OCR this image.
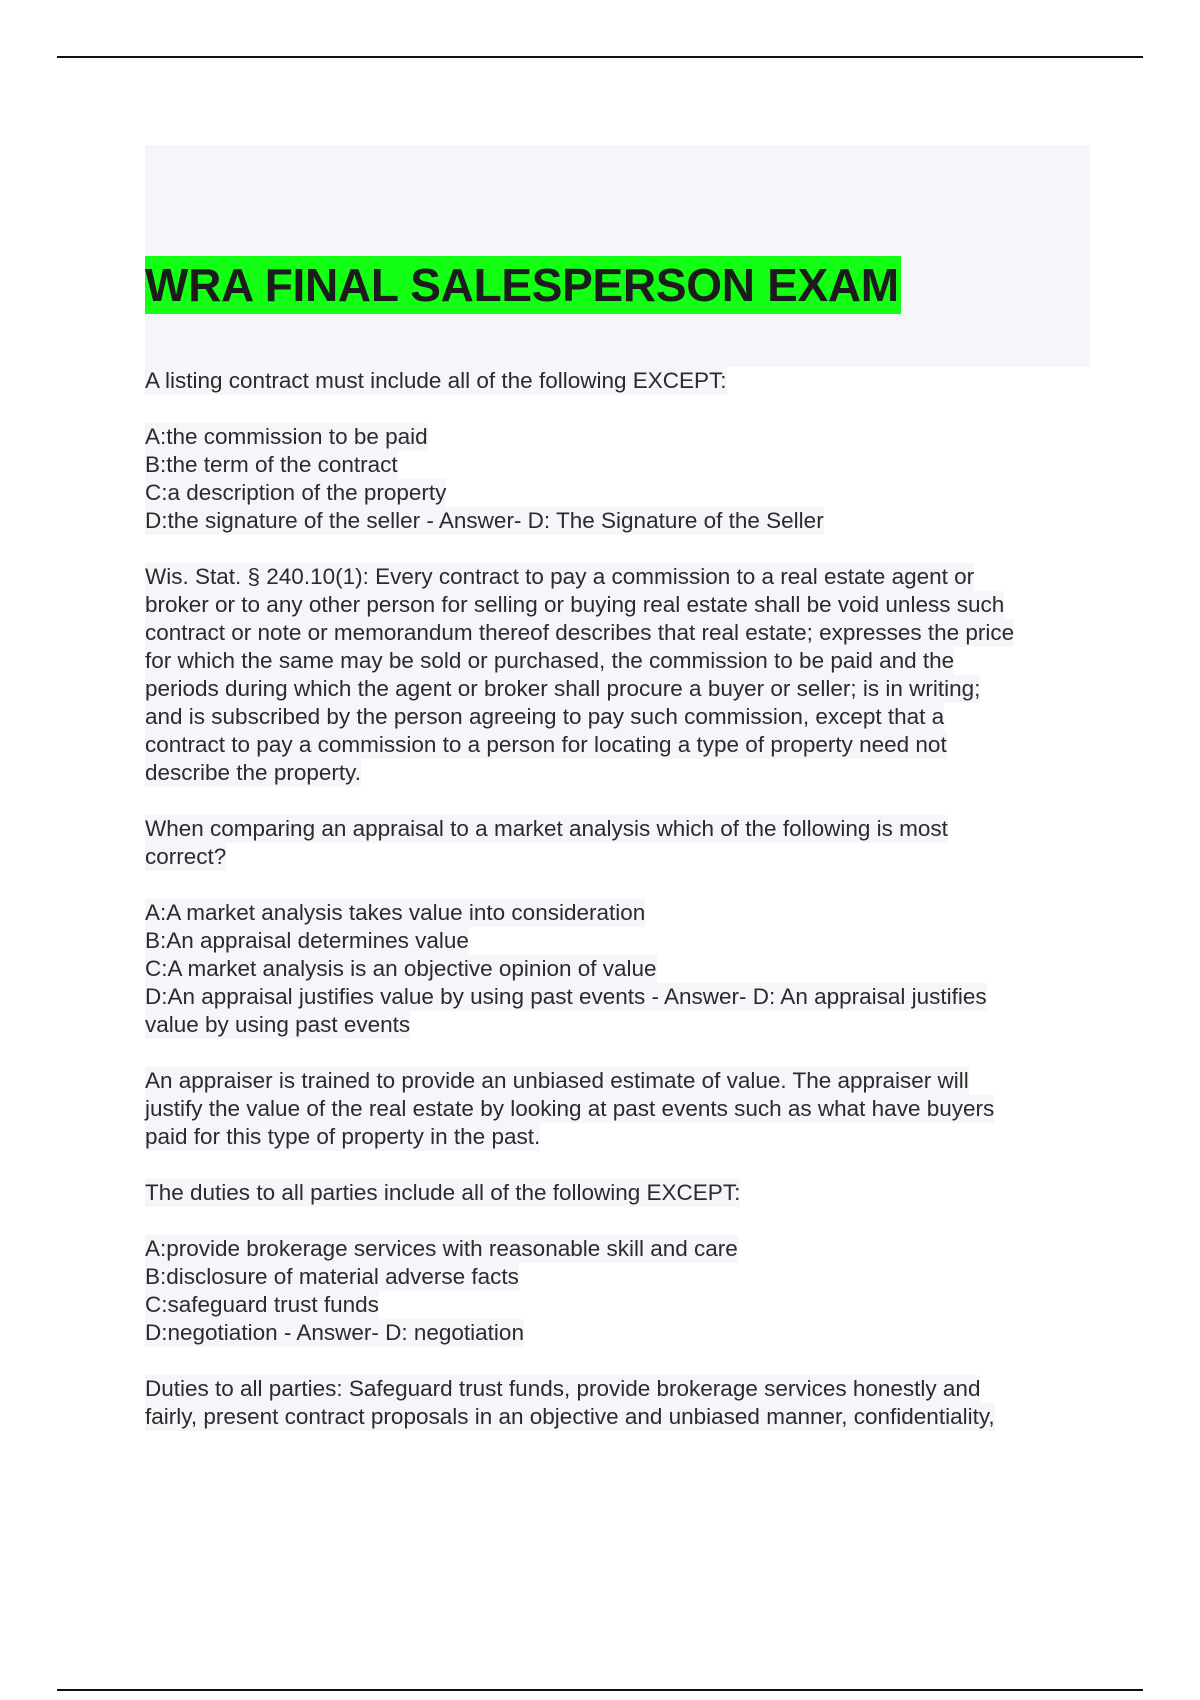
WRA FINAL SALESPERSON EXAM
A listing contract must include all of the following EXCEPT:
A:the commission to be paid
B:the term of the contract
C:a description of the property
D:the signature of the seller - Answer- D: The Signature of the Seller
Wis. Stat. § 240.10(1): Every contract to pay a commission to a real estate agent or
broker or to any other person for selling or buying real estate shall be void unless such
contract or note or memorandum thereof describes that real estate; expresses the price
for which the same may be sold or purchased, the commission to be paid and the
periods during which the agent or broker shall procure a buyer or seller; is in writing;
and is subscribed by the person agreeing to pay such commission, except that a
contract to pay a commission to a person for locating a type of property need not
describe the property.
When comparing an appraisal to a market analysis which of the following is most
correct?
A:A market analysis takes value into consideration
B:An appraisal determines value
C:A market analysis is an objective opinion of value
D:An appraisal justifies value by using past events - Answer- D: An appraisal justifies
value by using past events
An appraiser is trained to provide an unbiased estimate of value. The appraiser will
justify the value of the real estate by looking at past events such as what have buyers
paid for this type of property in the past.
The duties to all parties include all of the following EXCEPT:
A:provide brokerage services with reasonable skill and care
B:disclosure of material adverse facts
C:safeguard trust funds
D:negotiation - Answer- D: negotiation
Duties to all parties: Safeguard trust funds, provide brokerage services honestly and
fairly, present contract proposals in an objective and unbiased manner, confidentiality,
